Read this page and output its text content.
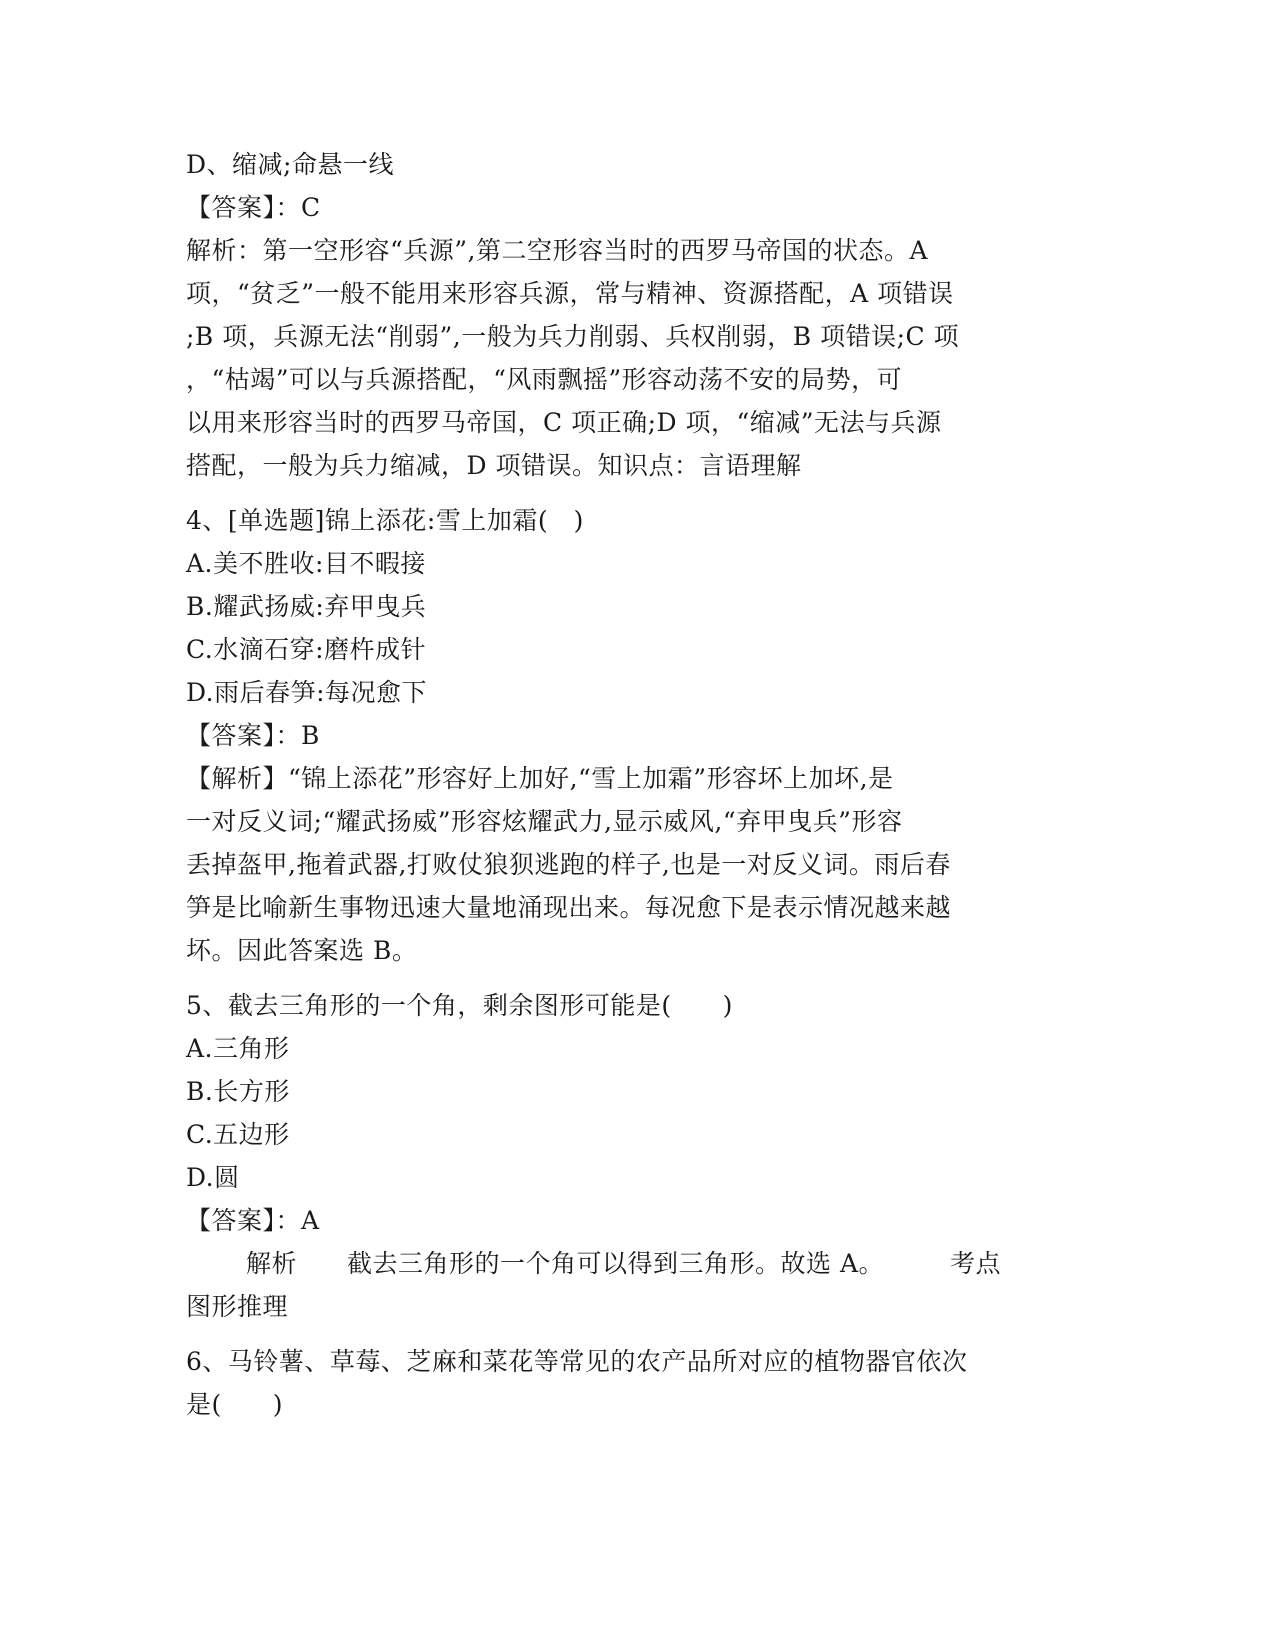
D、缩减;命悬一线
【答案】：C
解析：第一空形容“兵源”,第二空形容当时的西罗马帝国的状态。A
项，“贫乏”一般不能用来形容兵源，常与精神、资源搭配，A 项错误
;B 项，兵源无法“削弱”,一般为兵力削弱、兵权削弱，B 项错误;C 项
，“枯竭”可以与兵源搭配，“风雨飘摇”形容动荡不安的局势，可
以用来形容当时的西罗马帝国，C 项正确;D 项，“缩减”无法与兵源
搭配，一般为兵力缩减，D 项错误。知识点：言语理解
4、[单选题]锦上添花:雪上加霜(　)
A.美不胜收:目不暇接
B.耀武扬威:弃甲曳兵
C.水滴石穿:磨杵成针
D.雨后春笋:每况愈下
【答案】：B
【解析】“锦上添花”形容好上加好,“雪上加霜”形容坏上加坏,是
一对反义词;“耀武扬威”形容炫耀武力,显示威风,“弃甲曳兵”形容
丢掉盔甲,拖着武器,打败仗狼狈逃跑的样子,也是一对反义词。雨后春
笋是比喻新生事物迅速大量地涌现出来。每况愈下是表示情况越来越
坏。因此答案选 B。
5、截去三角形的一个角，剩余图形可能是(　　)
A.三角形
B.长方形
C.五边形
D.圆
【答案】：A
解析 截去三角形的一个角可以得到三角形。故选 A。	考点
图形推理
6、马铃薯、草莓、芝麻和菜花等常见的农产品所对应的植物器官依次
是(　　)
